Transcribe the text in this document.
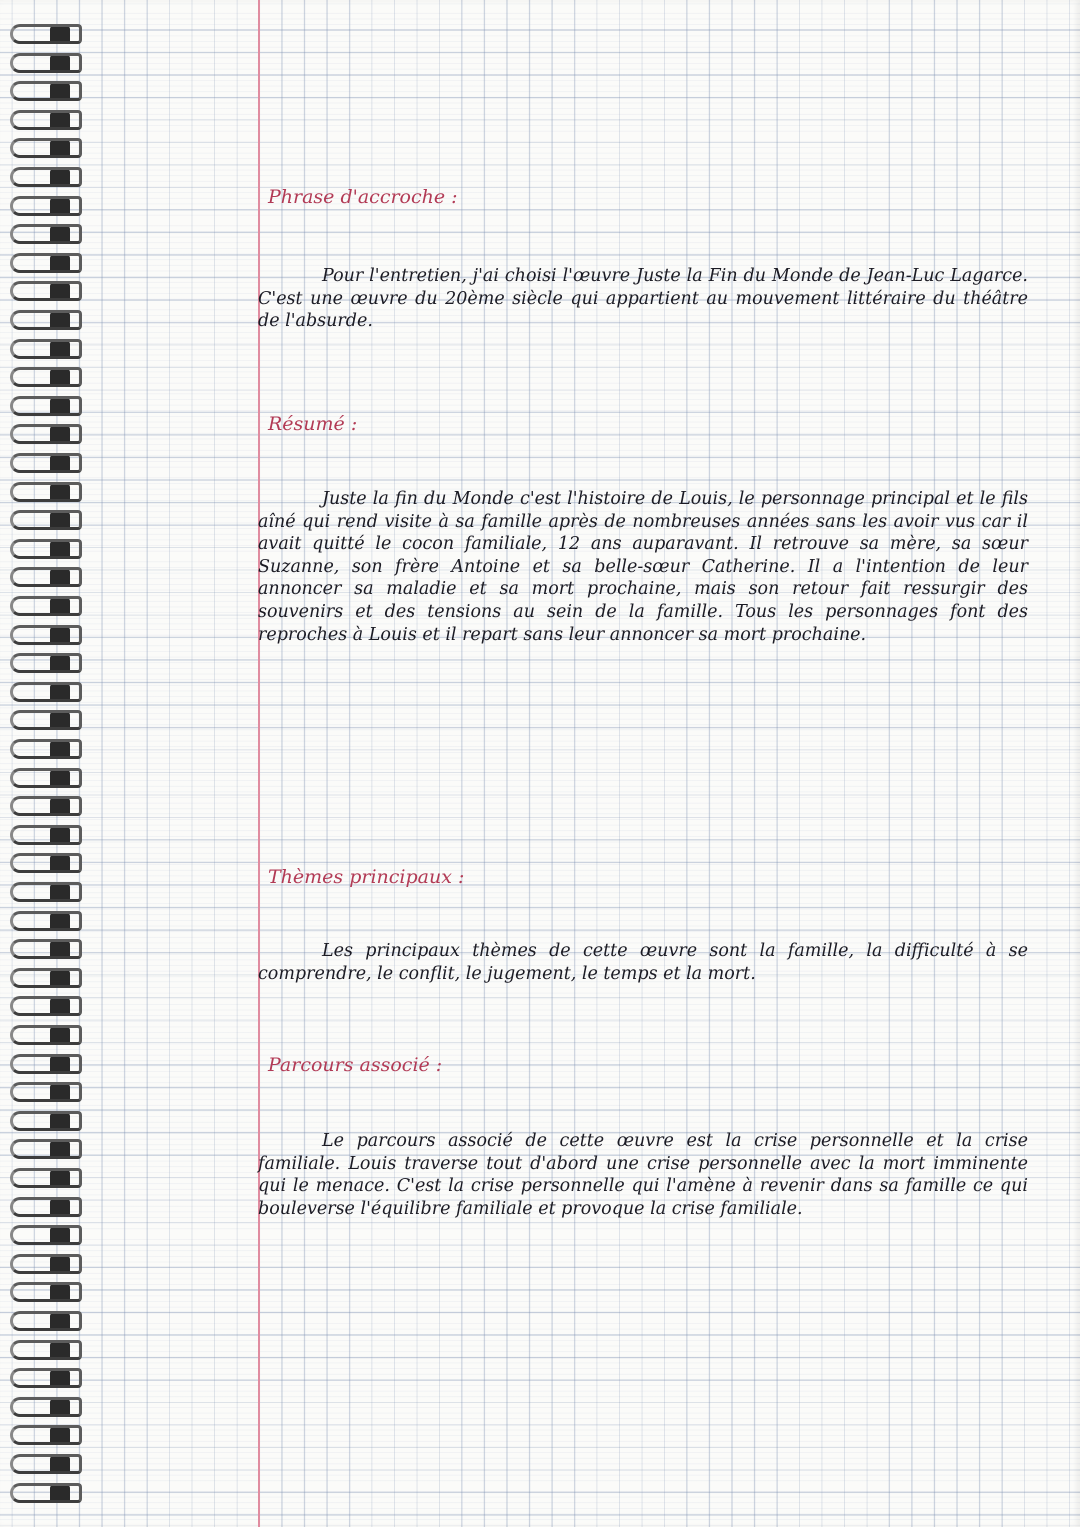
Phrase d'accroche :

Pour l'entretien, j'ai choisi l'œuvre Juste la Fin du Monde de Jean-Luc Lagarce. C'est une œuvre du 20ème siècle qui appartient au mouvement littéraire du théâtre de l'absurde.

Résumé :

Juste la fin du Monde c'est l'histoire de Louis, le personnage principal et le fils aîné qui rend visite à sa famille après de nombreuses années sans les avoir vus car il avait quitté le cocon familiale, 12 ans auparavant. Il retrouve sa mère, sa sœur Suzanne, son frère Antoine et sa belle-sœur Catherine. Il a l'intention de leur annoncer sa maladie et sa mort prochaine, mais son retour fait ressurgir des souvenirs et des tensions au sein de la famille. Tous les personnages font des reproches à Louis et il repart sans leur annoncer sa mort prochaine.

Thèmes principaux :

Les principaux thèmes de cette œuvre sont la famille, la difficulté à se comprendre, le conflit, le jugement, le temps et la mort.

Parcours associé :

Le parcours associé de cette œuvre est la crise personnelle et la crise familiale. Louis traverse tout d'abord une crise personnelle avec la mort imminente qui le menace. C'est la crise personnelle qui l'amène à revenir dans sa famille ce qui bouleverse l'équilibre familiale et provoque la crise familiale.
